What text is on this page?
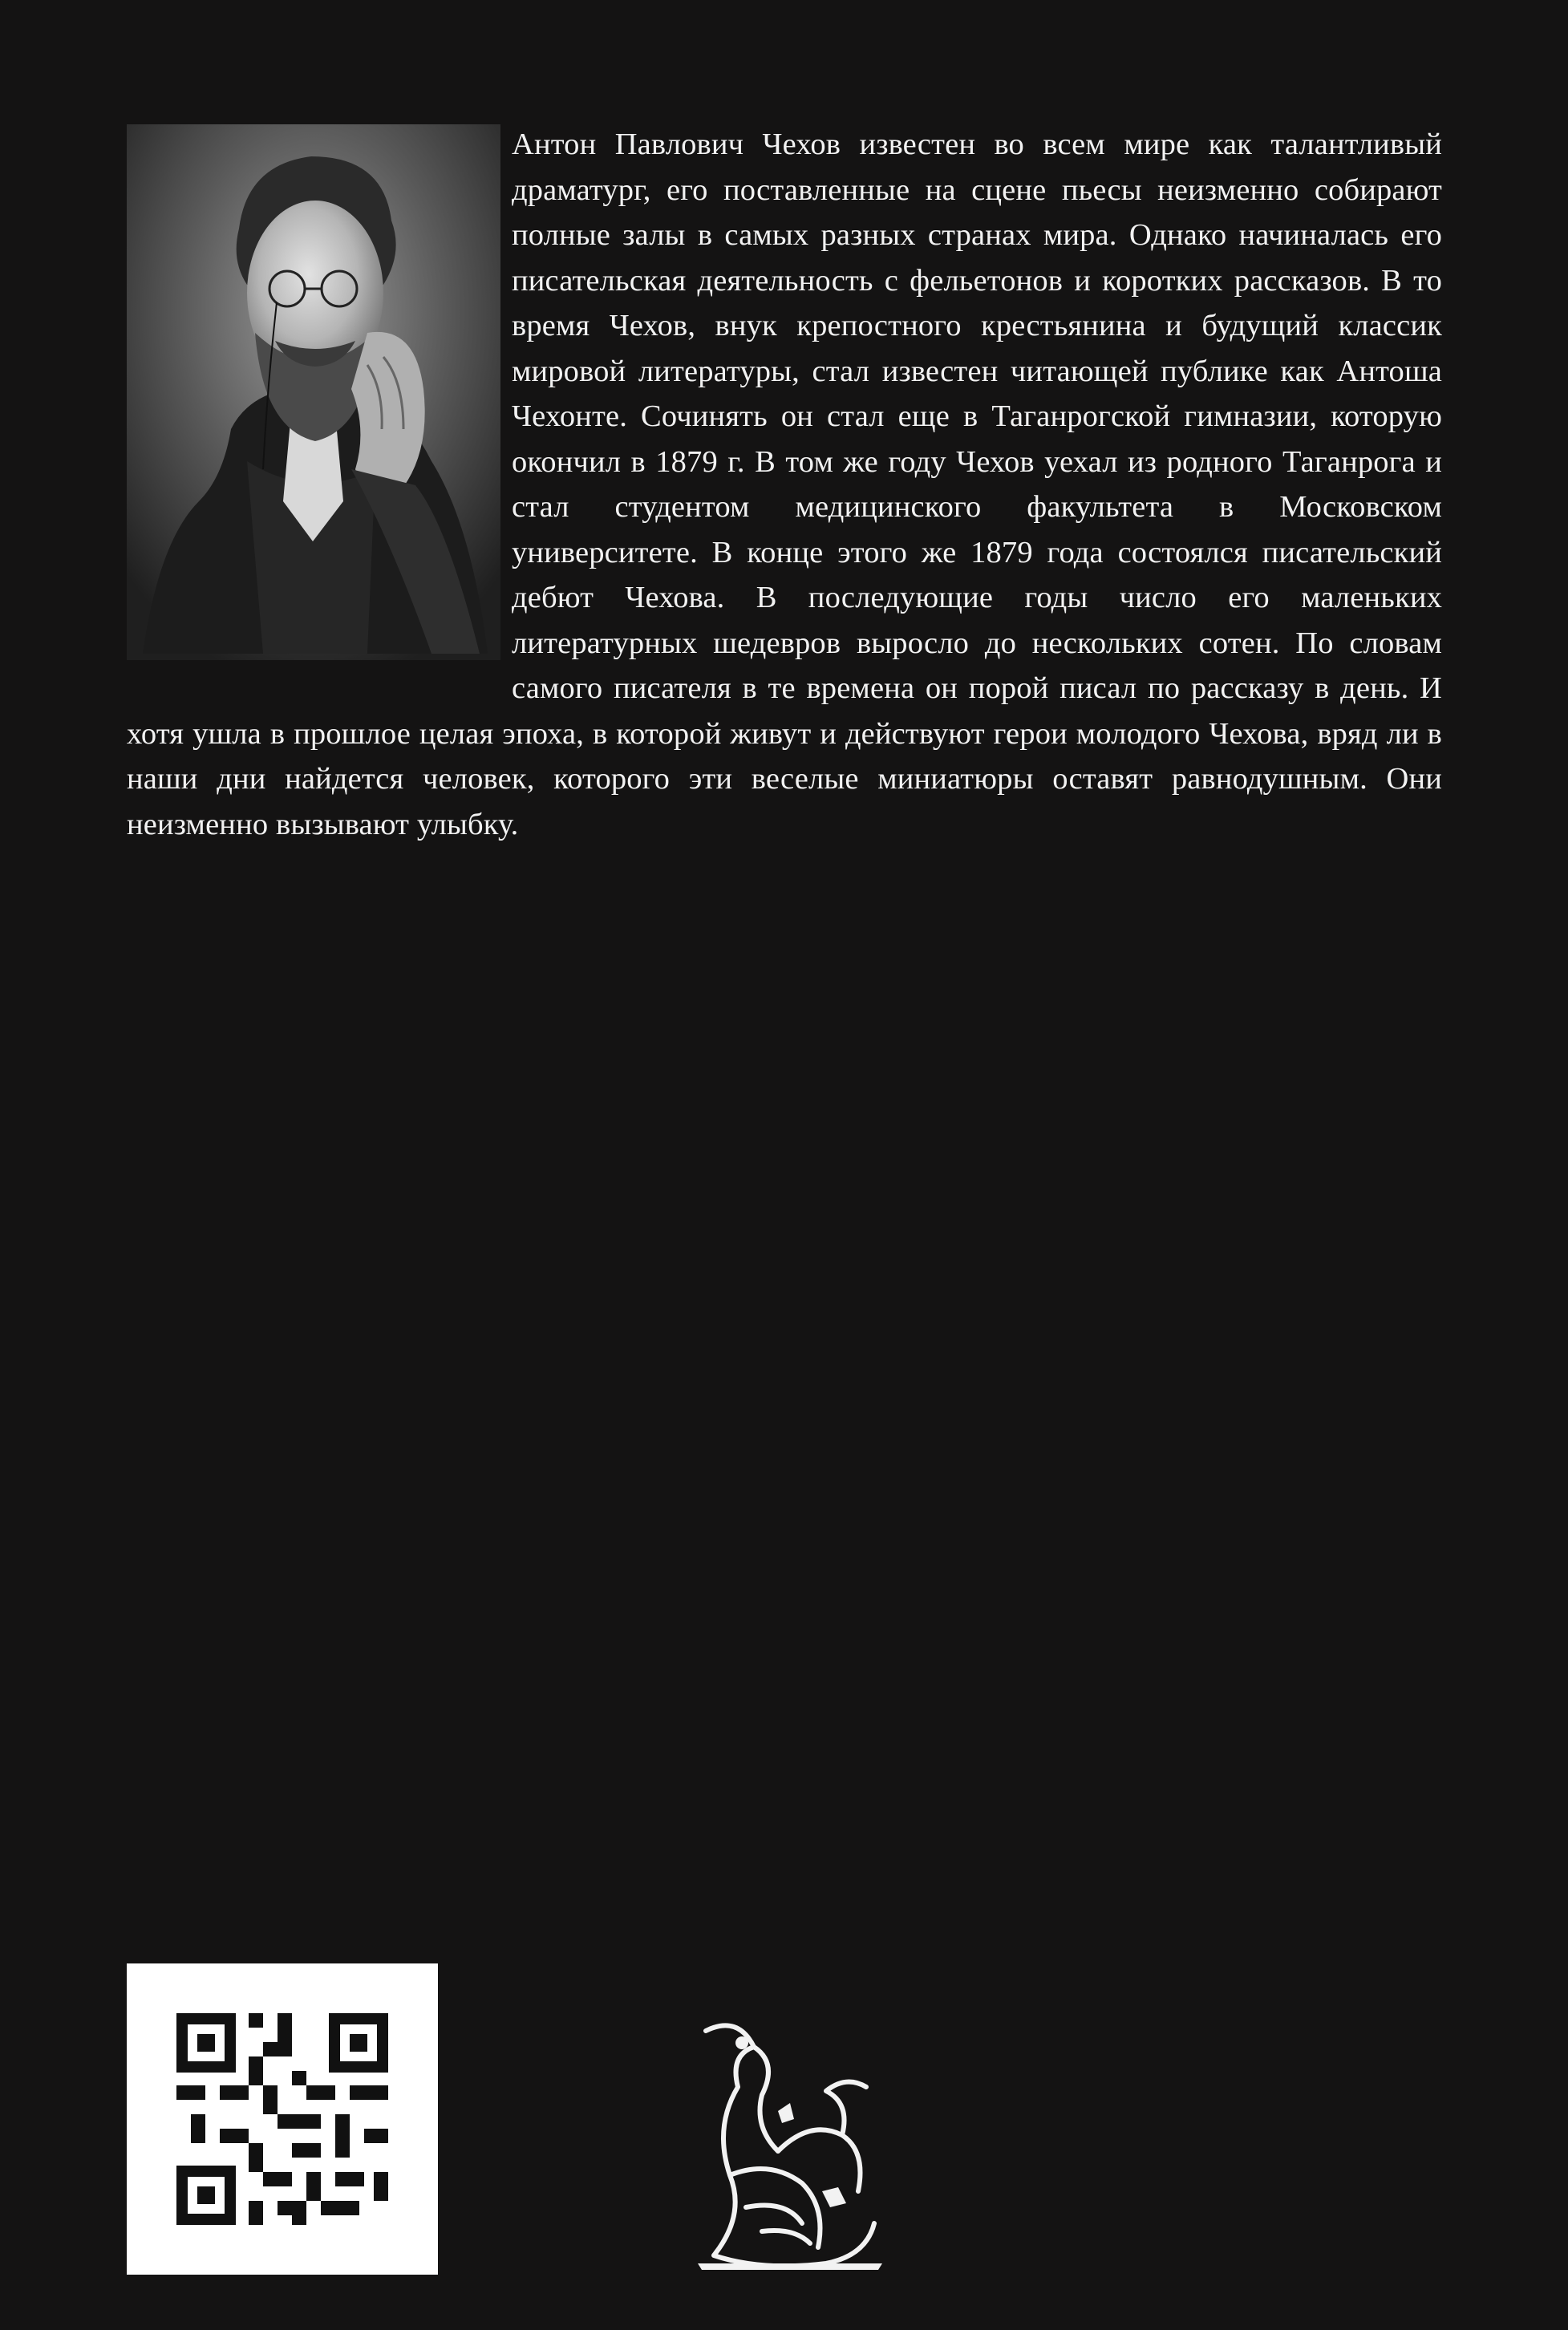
Антон Павлович Чехов известен во всем мире как талантливый драматург, его поставленные на сцене пьесы неизменно собирают полные залы в самых разных странах мира. Однако начиналась его писательская деятельность с фельетонов и коротких рассказов. В то время Чехов, внук крепостного крестьянина и будущий классик мировой литературы, стал известен читающей публике как Антоша Чехонте. Сочинять он стал еще в Таганрогской гимназии, которую окончил в 1879 г. В том же году Чехов уехал из родного Таганрога и стал студентом медицинского факультета в Московском университете. В конце этого же 1879 года состоялся писательский дебют Чехова. В последующие годы число его маленьких литературных шедевров выросло до нескольких сотен. По словам самого писателя в те времена он порой писал по рассказу в день. И хотя ушла в прошлое целая эпоха, в которой живут и действуют герои молодого Чехова, вряд ли в наши дни найдется человек, которого эти веселые миниатюры оставят равнодушным. Они неизменно вызывают улыбку.
